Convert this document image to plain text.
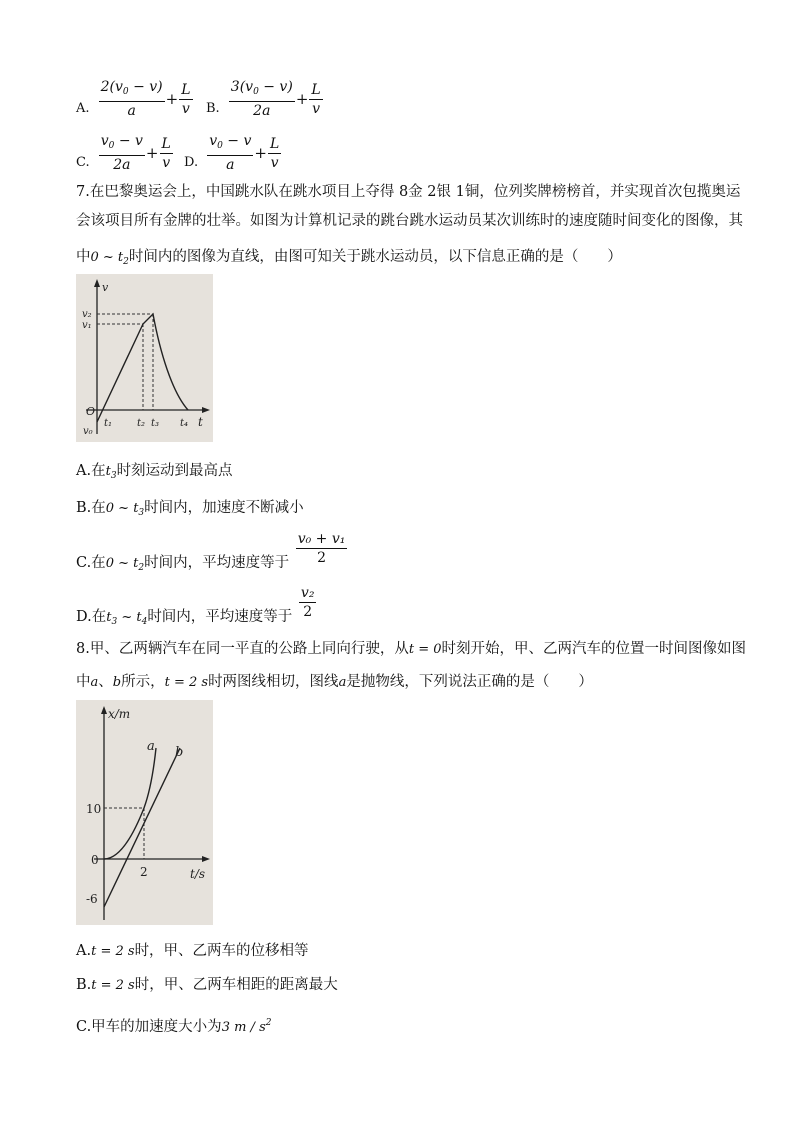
$_{A.} \frac{2(v_0 - v)}{a} + \frac{L}{v} _{B.} \frac{3(v_0 - v)}{2a} + \frac{L}{v}$
$_{C.} \frac{v_0 - v}{2a} + \frac{L}{v} _{D.} \frac{v_0 - v}{a} + \frac{L}{v}$
7.在巴黎奥运会上，中国跳水队在跳水项目上夺得 8金 2银 1铜，位列奖牌榜榜首，并实现首次包揽奥运
会该项目所有金牌的壮举。如图为计算机记录的跳台跳水运动员某次训练时的速度随时间变化的图像，其
中0 ~ $t_2$时间内的图像为直线，由图可知关于跳水运动员，以下信息正确的是（　　）
v
t
O
v₂
v₁
v₀
t₁ t₂ t₃ t₄
A.在$t_3$时刻运动到最高点
B.在0 ~ $t_3$时间内，加速度不断减小
C.在0 ~ $t_2$时间内，平均速度等于 $\frac{\text{v₀ + v₁}}{2}$
D.在$t_3$ ~ $t_4$时间内，平均速度等于 $\frac{\text{v₂}}{2}$
8.甲、乙两辆汽车在同一平直的公路上同向行驶，从t = 0时刻开始，甲、乙两汽车的位置一时间图像如图
中a、b所示，t = 2 s时两图线相切，图线a是抛物线，下列说法正确的是（　　）
x/m
t/s
a b
10
0
-6
2
A.t = 2 s时，甲、乙两车的位移相等
B.t = 2 s时，甲、乙两车相距的距离最大
C.甲车的加速度大小为3 m / $s^2$
